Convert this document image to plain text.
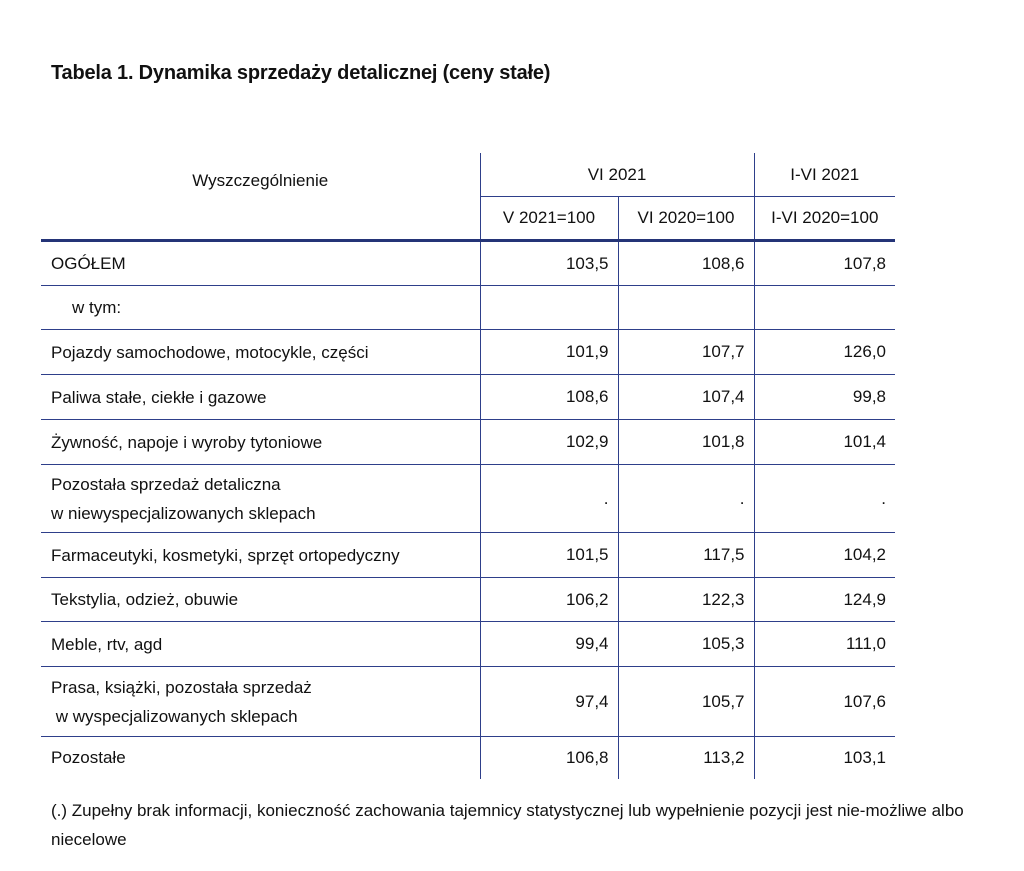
Tabela 1. Dynamika sprzedaży detalicznej (ceny stałe)
Wyszczególnienie	VI 2021		I-VI 2021
	V 2021=100	VI 2020=100	I-VI 2020=100
OGÓŁEM	103,5	108,6	107,8
w tym:			
Pojazdy samochodowe, motocykle, części	101,9	107,7	126,0
Paliwa stałe, ciekłe i gazowe	108,6	107,4	99,8
Żywność, napoje i wyroby tytoniowe	102,9	101,8	101,4

Pozostała sprzedaż detaliczna
w niewyspecjalizowanych sklepach	.	.	.
Farmaceutyki, kosmetyki, sprzęt ortopedyczny	101,5	117,5	104,2
Tekstylia, odzież, obuwie	106,2	122,3	124,9
Meble, rtv, agd	99,4	105,3	111,0

Prasa, książki, pozostała sprzedaż
w wyspecjalizowanych sklepach	97,4	105,7	107,6
Pozostałe	106,8	113,2	103,1

(.) Zupełny brak informacji, konieczność zachowania tajemnicy statystycznej lub wypełnienie pozycji jest nie-możliwe albo niecelowe
